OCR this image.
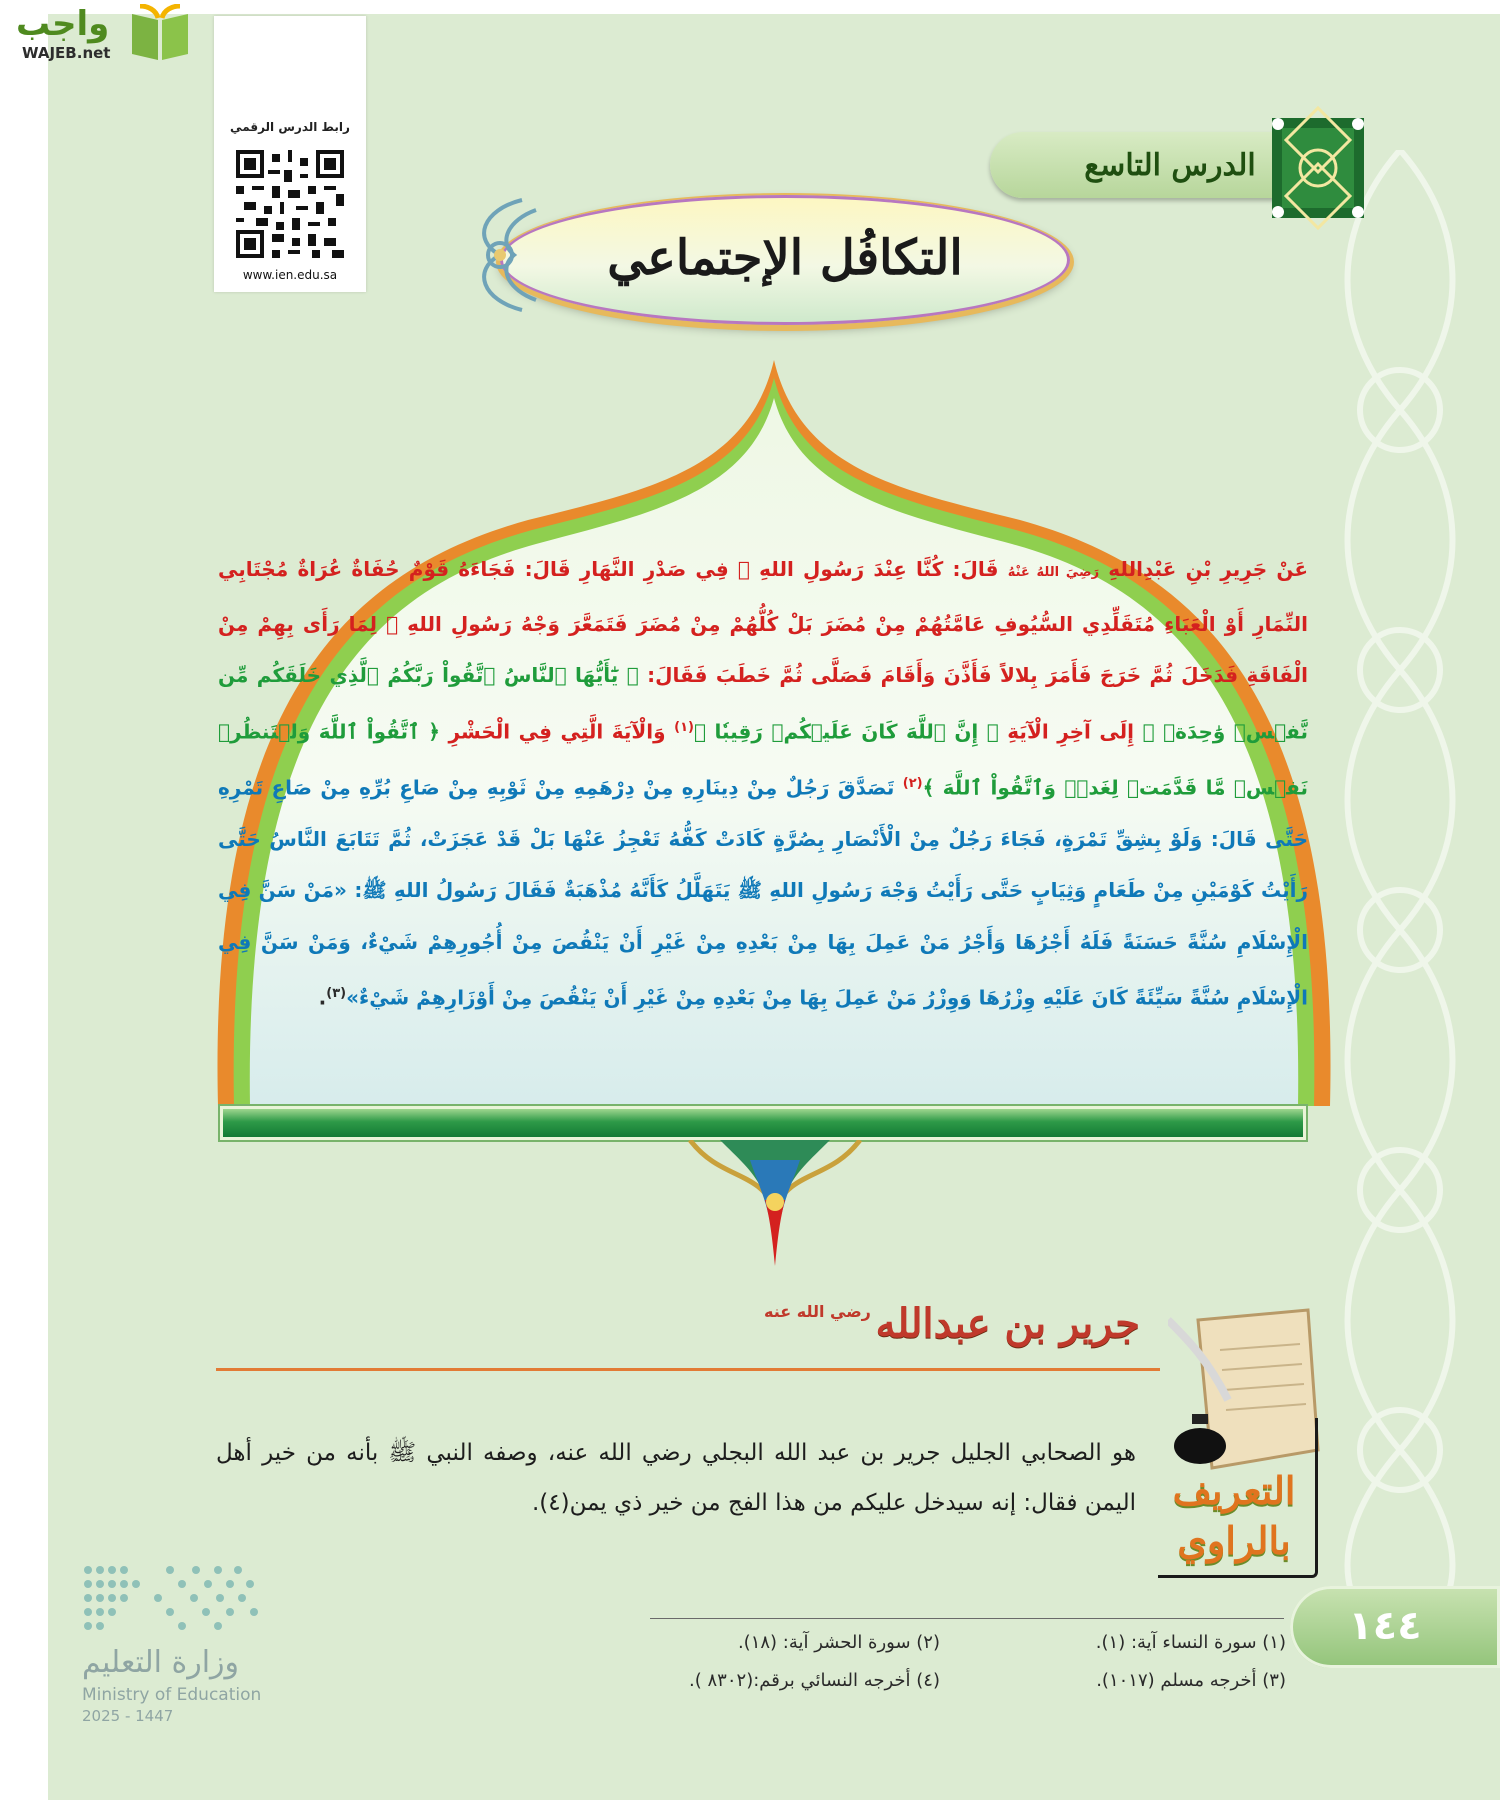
واجب
WAJEB.net
رابط الدرس الرقمي
www.ien.edu.sa
الدرس التاسع
التكافُل الإجتماعي
عَنْ جَرِيرِ بْنِ عَبْدِاللهِ رَضِيَ اللهُ عَنْهُ قَالَ: كُنَّا عِنْدَ رَسُولِ اللهِ ﷺ فِي صَدْرِ النَّهَارِ قَالَ: فَجَاءَهُ قَوْمٌ حُفَاةٌ عُرَاةٌ مُجْتَابِي النِّمَارِ أَوْ الْعَبَاءِ مُتَقَلِّدِي السُّيُوفِ عَامَّتُهُمْ مِنْ مُضَرَ بَلْ كُلُّهُمْ مِنْ مُضَرَ فَتَمَعَّرَ وَجْهُ رَسُولِ اللهِ ﷺ لِمَا رَأَى بِهِمْ مِنْ الْفَاقَةِ فَدَخَلَ ثُمَّ خَرَجَ فَأَمَرَ بِلالاً فَأَذَّنَ وَأَقَامَ فَصَلَّى ثُمَّ خَطَبَ فَقَالَ: ﴿ يَٰٓأَيُّهَا ٱلنَّاسُ ٱتَّقُواْ رَبَّكُمُ ٱلَّذِي خَلَقَكُم مِّن نَّفۡسٖ وَٰحِدَةٖ ﴾ إِلَى آخِرِ الْآيَةِ ﴿ إِنَّ ٱللَّهَ كَانَ عَلَيۡكُمۡ رَقِيبٗا ﴾$^{(١)}$ وَالْآيَةَ الَّتِي فِي الْحَشْرِ ﴿ ٱتَّقُواْ ٱللَّهَ وَلۡتَنظُرۡ نَفۡسٞ مَّا قَدَّمَتۡ لِغَدٖۖ وَٱتَّقُواْ ٱللَّهَ ﴾$^{(٢)}$ تَصَدَّقَ رَجُلٌ مِنْ دِينَارِهِ مِنْ دِرْهَمِهِ مِنْ ثَوْبِهِ مِنْ صَاعِ بُرِّهِ مِنْ صَاعِ تَمْرِهِ حَتَّى قَالَ: وَلَوْ بِشِقِّ تَمْرَةٍ، فَجَاءَ رَجُلٌ مِنْ الْأَنْصَارِ بِصُرَّةٍ كَادَتْ كَفُّهُ تَعْجِزُ عَنْهَا بَلْ قَدْ عَجَزَتْ، ثُمَّ تَتَابَعَ النَّاسُ حَتَّى رَأَيْتُ كَوْمَيْنِ مِنْ طَعَامٍ وَثِيَابٍ حَتَّى رَأَيْتُ وَجْهَ رَسُولِ اللهِ ﷺ يَتَهَلَّلُ كَأَنَّهُ مُذْهَبَةٌ فَقَالَ رَسُولُ اللهِ ﷺ: «مَنْ سَنَّ فِي الْإِسْلَامِ سُنَّةً حَسَنَةً فَلَهُ أَجْرُهَا وَأَجْرُ مَنْ عَمِلَ بِهَا مِنْ بَعْدِهِ مِنْ غَيْرِ أَنْ يَنْقُصَ مِنْ أُجُورِهِمْ شَيْءٌ، وَمَنْ سَنَّ فِي الْإِسْلَامِ سُنَّةً سَيِّئَةً كَانَ عَلَيْهِ وِزْرُهَا وَوِزْرُ مَنْ عَمِلَ بِهَا مِنْ بَعْدِهِ مِنْ غَيْرِ أَنْ يَنْقُصَ مِنْ أَوْزَارِهِمْ شَيْءٌ»$^{(٣)}$.
جرير بن عبدالله
رضي الله عنه
التعريف بالراوي
هو الصحابي الجليل جرير بن عبد الله البجلي رضي الله عنه، وصفه النبي ﷺ بأنه من خير أهل اليمن فقال: إنه سيدخل عليكم من هذا الفج من خير ذي يمن(٤).
١٤٤
(١) سورة النساء آية: (١).
(٢) سورة الحشر آية: (١٨).
(٣) أخرجه مسلم (١٠١٧).
(٤) أخرجه النسائي برقم:(٨٣٠٢ ).
وزارة التعليم
Ministry of Education
2025 - 1447
